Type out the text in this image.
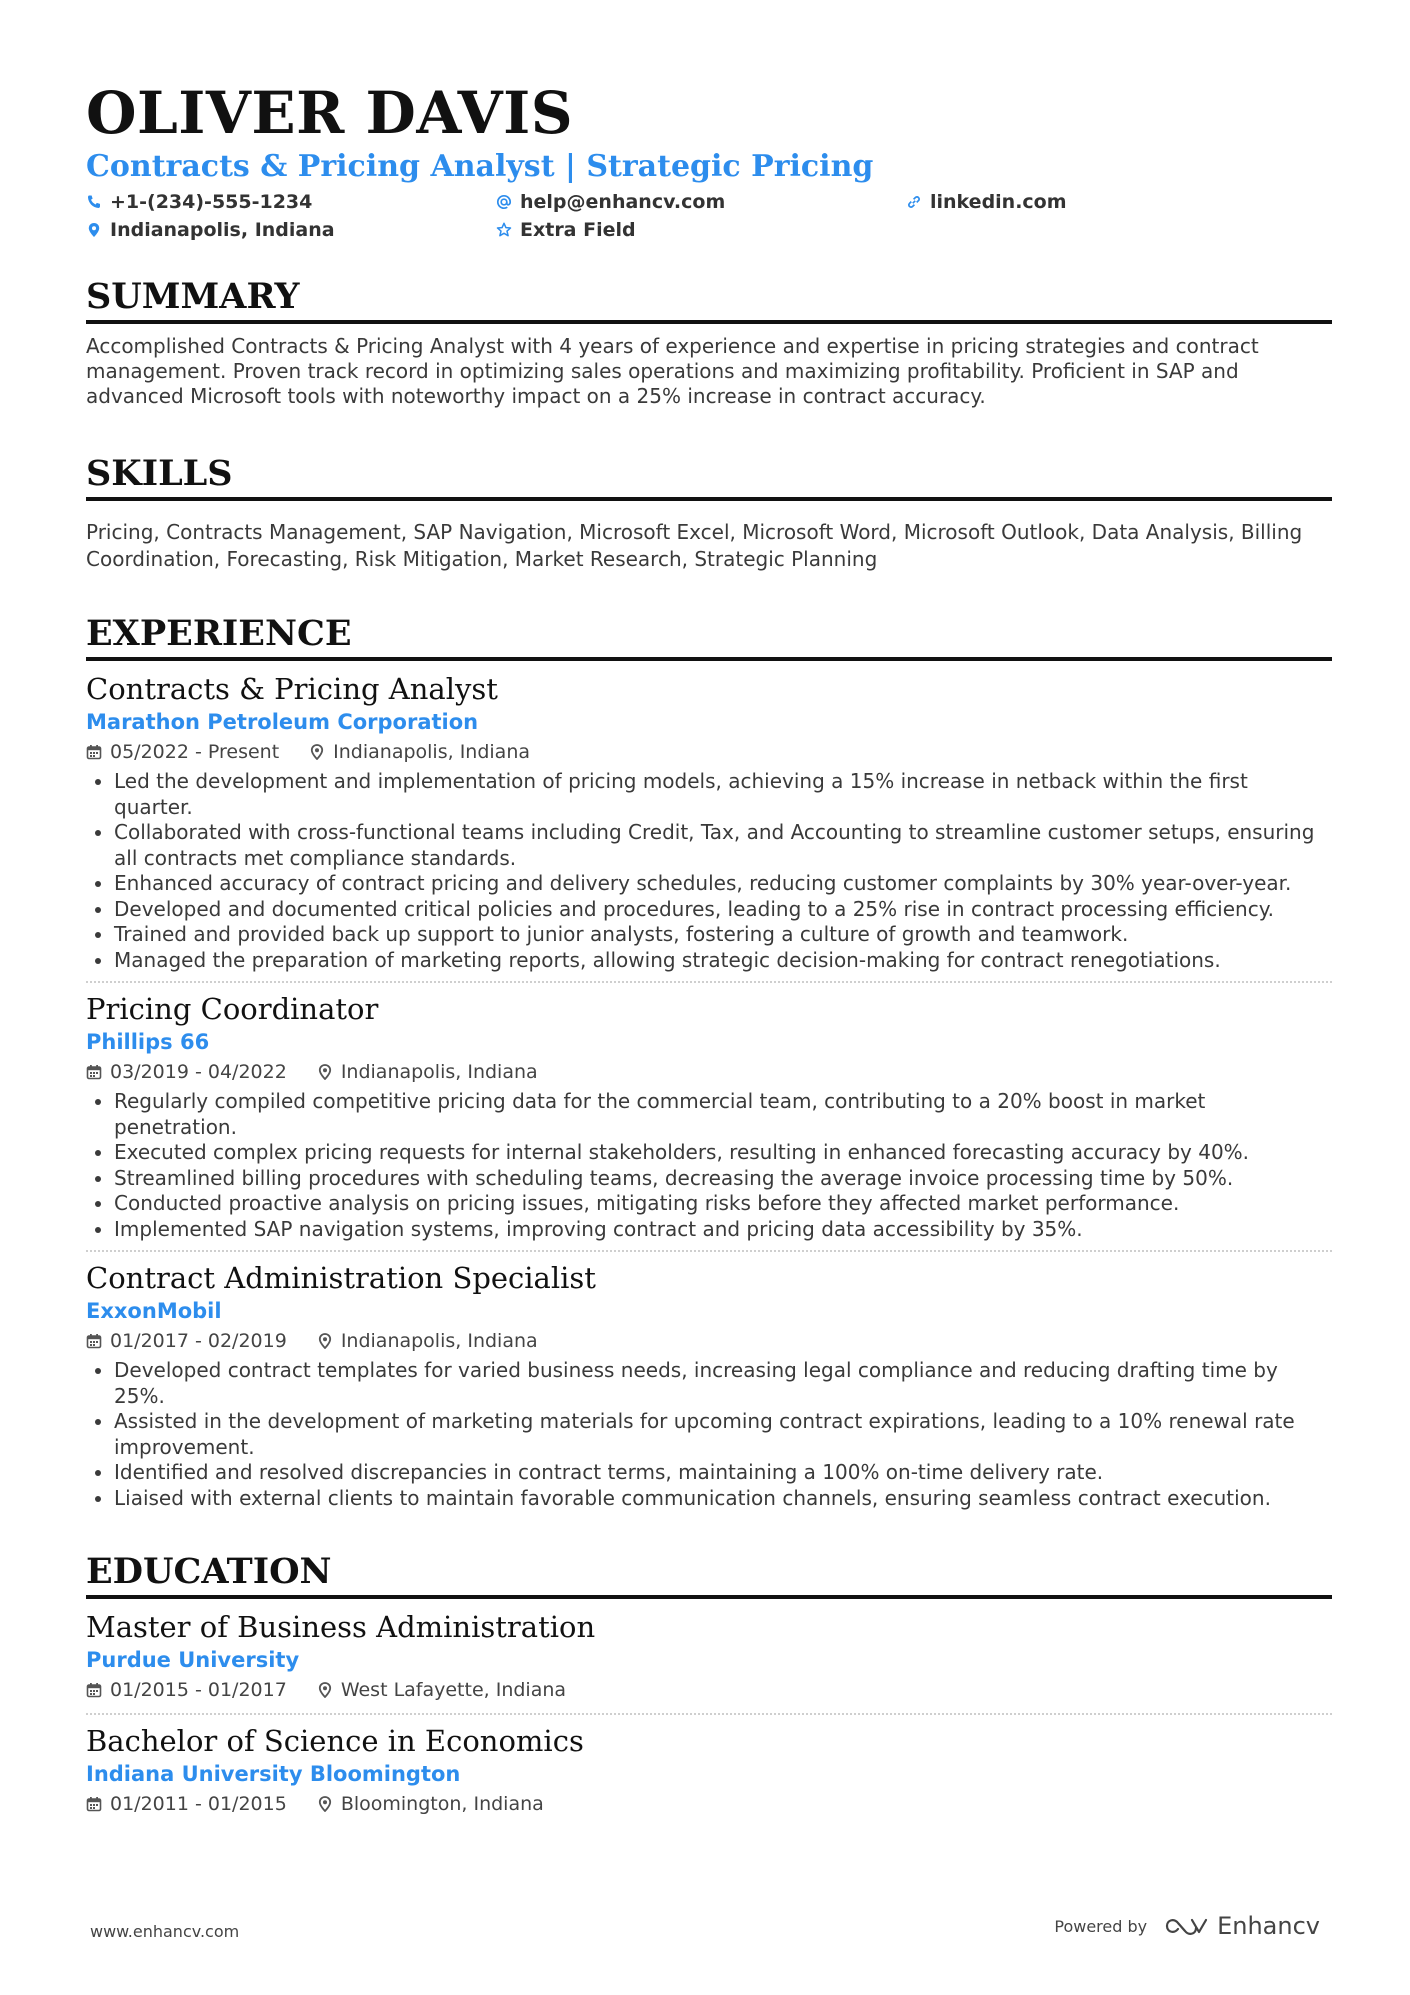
OLIVER DAVIS
Contracts & Pricing Analyst | Strategic Pricing
+1-(234)-555-1234	help@enhancv.com	linkedin.com
Indianapolis, Indiana	Extra Field
SUMMARY
Accomplished Contracts & Pricing Analyst with 4 years of experience and expertise in pricing strategies and contract management. Proven track record in optimizing sales operations and maximizing profitability. Proficient in SAP and advanced Microsoft tools with noteworthy impact on a 25% increase in contract accuracy.
SKILLS
Pricing, Contracts Management, SAP Navigation, Microsoft Excel, Microsoft Word, Microsoft Outlook, Data Analysis, Billing Coordination, Forecasting, Risk Mitigation, Market Research, Strategic Planning
EXPERIENCE
Contracts & Pricing Analyst
Marathon Petroleum Corporation
05/2022 - Present	Indianapolis, Indiana
• Led the development and implementation of pricing models, achieving a 15% increase in netback within the first quarter.
• Collaborated with cross-functional teams including Credit, Tax, and Accounting to streamline customer setups, ensuring all contracts met compliance standards.
• Enhanced accuracy of contract pricing and delivery schedules, reducing customer complaints by 30% year-over-year.
• Developed and documented critical policies and procedures, leading to a 25% rise in contract processing efficiency.
• Trained and provided back up support to junior analysts, fostering a culture of growth and teamwork.
• Managed the preparation of marketing reports, allowing strategic decision-making for contract renegotiations.
Pricing Coordinator
Phillips 66
03/2019 - 04/2022	Indianapolis, Indiana
• Regularly compiled competitive pricing data for the commercial team, contributing to a 20% boost in market penetration.
• Executed complex pricing requests for internal stakeholders, resulting in enhanced forecasting accuracy by 40%.
• Streamlined billing procedures with scheduling teams, decreasing the average invoice processing time by 50%.
• Conducted proactive analysis on pricing issues, mitigating risks before they affected market performance.
• Implemented SAP navigation systems, improving contract and pricing data accessibility by 35%.
Contract Administration Specialist
ExxonMobil
01/2017 - 02/2019	Indianapolis, Indiana
• Developed contract templates for varied business needs, increasing legal compliance and reducing drafting time by 25%.
• Assisted in the development of marketing materials for upcoming contract expirations, leading to a 10% renewal rate improvement.
• Identified and resolved discrepancies in contract terms, maintaining a 100% on-time delivery rate.
• Liaised with external clients to maintain favorable communication channels, ensuring seamless contract execution.
EDUCATION
Master of Business Administration
Purdue University
01/2015 - 01/2017	West Lafayette, Indiana
Bachelor of Science in Economics
Indiana University Bloomington
01/2011 - 01/2015	Bloomington, Indiana
www.enhancv.com	Powered by	Enhancv
